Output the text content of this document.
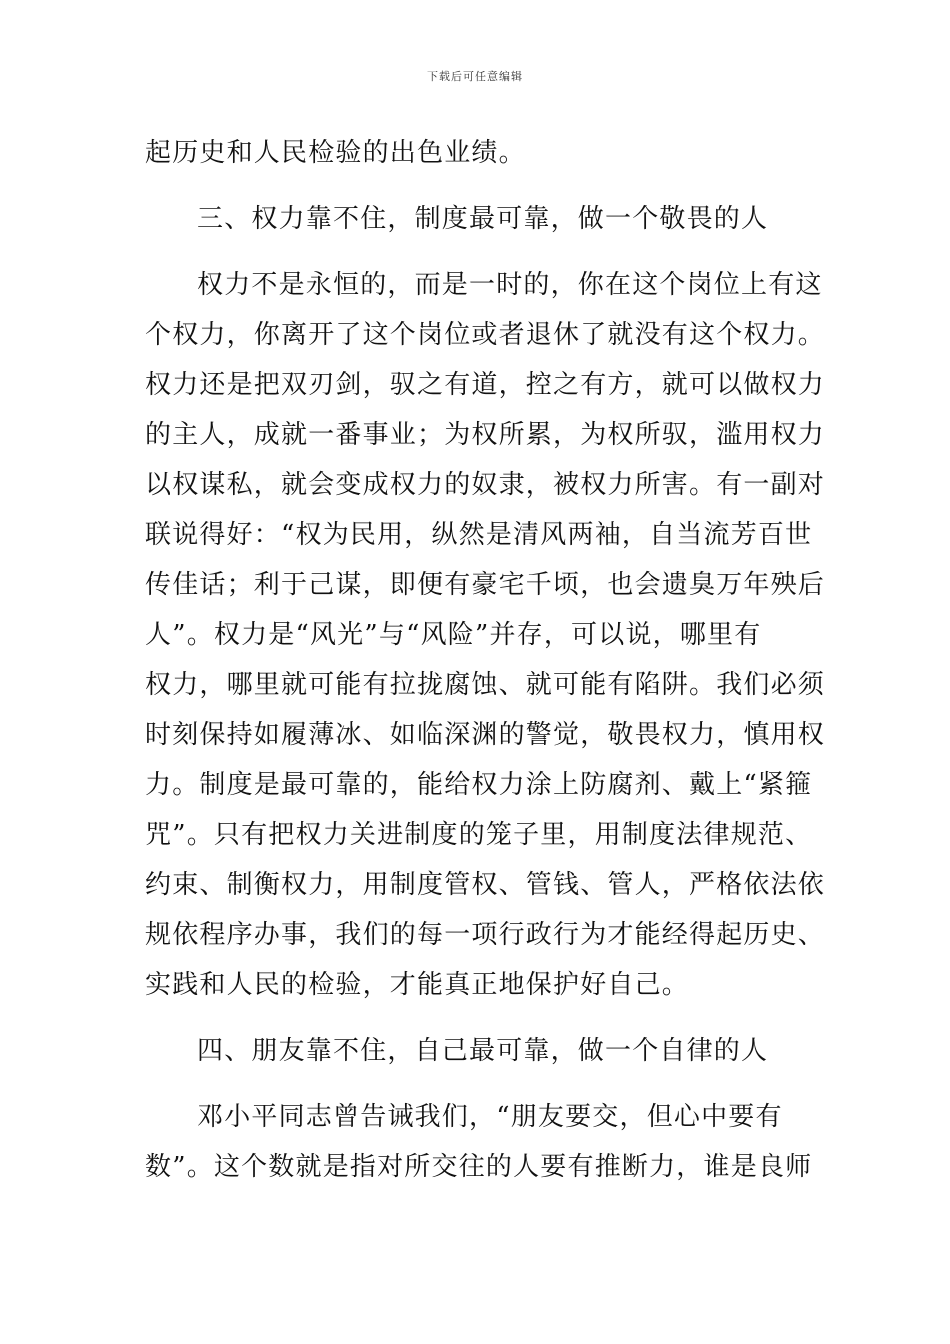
下载后可任意编辑
起历史和人民检验的出色业绩。
三、权力靠不住，制度最可靠，做一个敬畏的人
权力不是永恒的，而是一时的，你在这个岗位上有这
个权力，你离开了这个岗位或者退休了就没有这个权力。
权力还是把双刃剑，驭之有道，控之有方，就可以做权力
的主人，成就一番事业；为权所累，为权所驭，滥用权力
以权谋私，就会变成权力的奴隶，被权力所害。有一副对
联说得好：“权为民用，纵然是清风两袖，自当流芳百世
传佳话；利于己谋，即便有豪宅千顷，也会遗臭万年殃后
人”。权力是“风光”与“风险”并存，可以说，哪里有
权力，哪里就可能有拉拢腐蚀、就可能有陷阱。我们必须
时刻保持如履薄冰、如临深渊的警觉，敬畏权力，慎用权
力。制度是最可靠的，能给权力涂上防腐剂、戴上“紧箍
咒”。只有把权力关进制度的笼子里，用制度法律规范、
约束、制衡权力，用制度管权、管钱、管人，严格依法依
规依程序办事，我们的每一项行政行为才能经得起历史、
实践和人民的检验，才能真正地保护好自己。
四、朋友靠不住，自己最可靠，做一个自律的人
邓小平同志曾告诫我们，“朋友要交，但心中要有
数”。这个数就是指对所交往的人要有推断力，谁是良师
